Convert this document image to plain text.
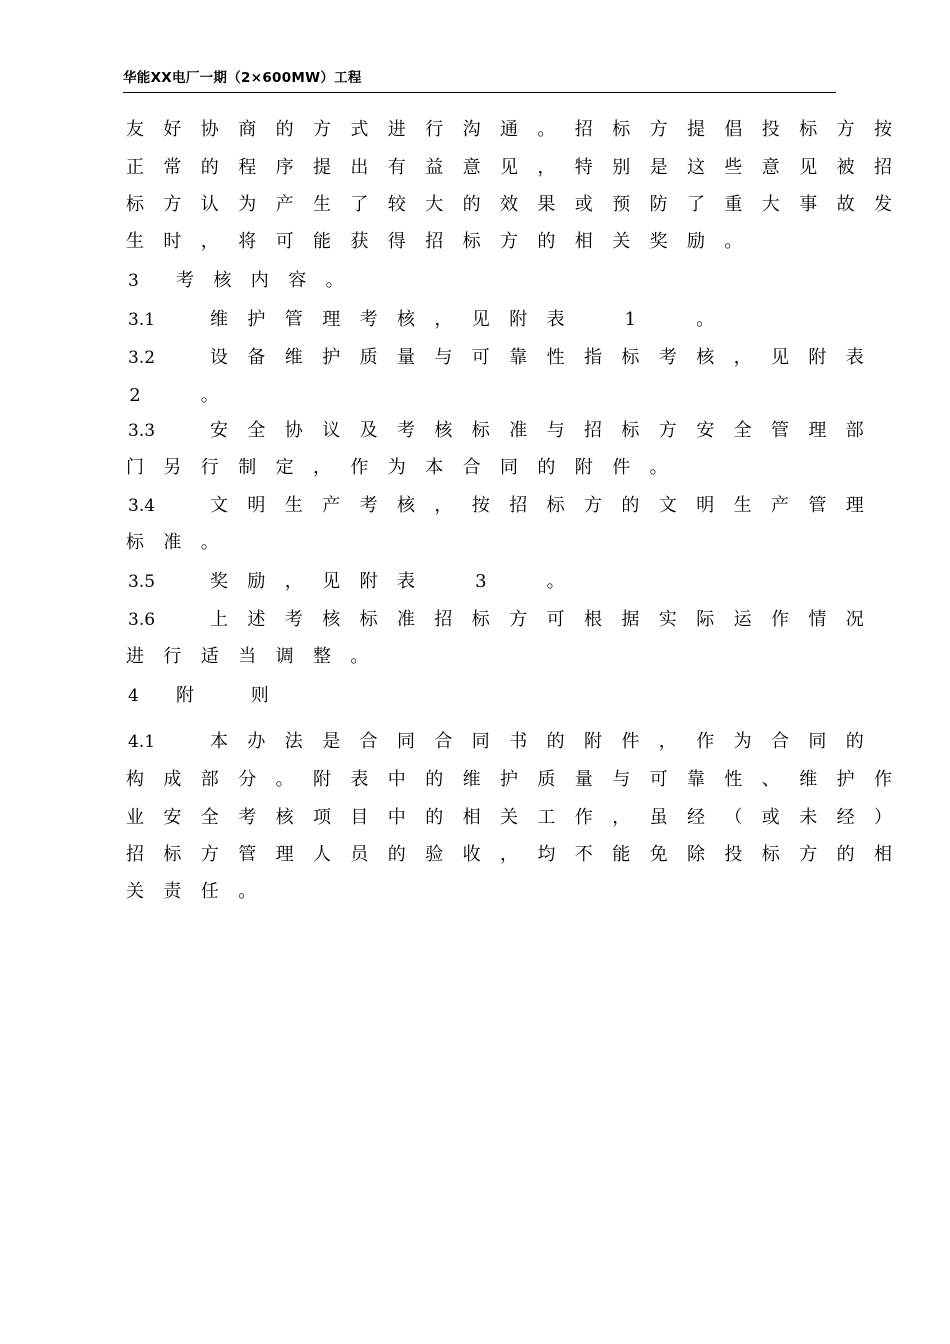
华能XX电厂一期（2×600MW）工程
友 好 协 商 的 方 式 进 行 沟 通 。 招 标 方 提 倡 投 标 方 按
正 常 的 程 序 提 出 有 益 意 见 ， 特 别 是 这 些 意 见 被 招
标 方 认 为 产 生 了 较 大 的 效 果 或 预 防 了 重 大 事 故 发
生 时 ， 将 可 能 获 得 招 标 方 的 相 关 奖 励 。
3 考 核 内 容 。
3.1	维 护 管 理 考 核 ， 见 附 表	1	。
3.2	设 备 维 护 质 量 与 可 靠 性 指 标 考 核 ， 见 附 表
2	。
3.3	安 全 协 议 及 考 核 标 准 与 招 标 方 安 全 管 理 部
门 另 行 制 定 ， 作 为 本 合 同 的 附 件 。
3.4	文 明 生 产 考 核 ， 按 招 标 方 的 文 明 生 产 管 理
标 准 。
3.5	奖 励 ， 见 附 表	3	。
3.6	上 述 考 核 标 准 招 标 方 可 根 据 实 际 运 作 情 况
进 行 适 当 调 整 。
4 附	则
4.1	本 办 法 是 合 同 合 同 书 的 附 件 ， 作 为 合 同 的
构 成 部 分 。 附 表 中 的 维 护 质 量 与 可 靠 性 、 维 护 作
业 安 全 考 核 项 目 中 的 相 关 工 作 ， 虽 经 （ 或 未 经 ）
招 标 方 管 理 人 员 的 验 收 ， 均 不 能 免 除 投 标 方 的 相
关 责 任 。
